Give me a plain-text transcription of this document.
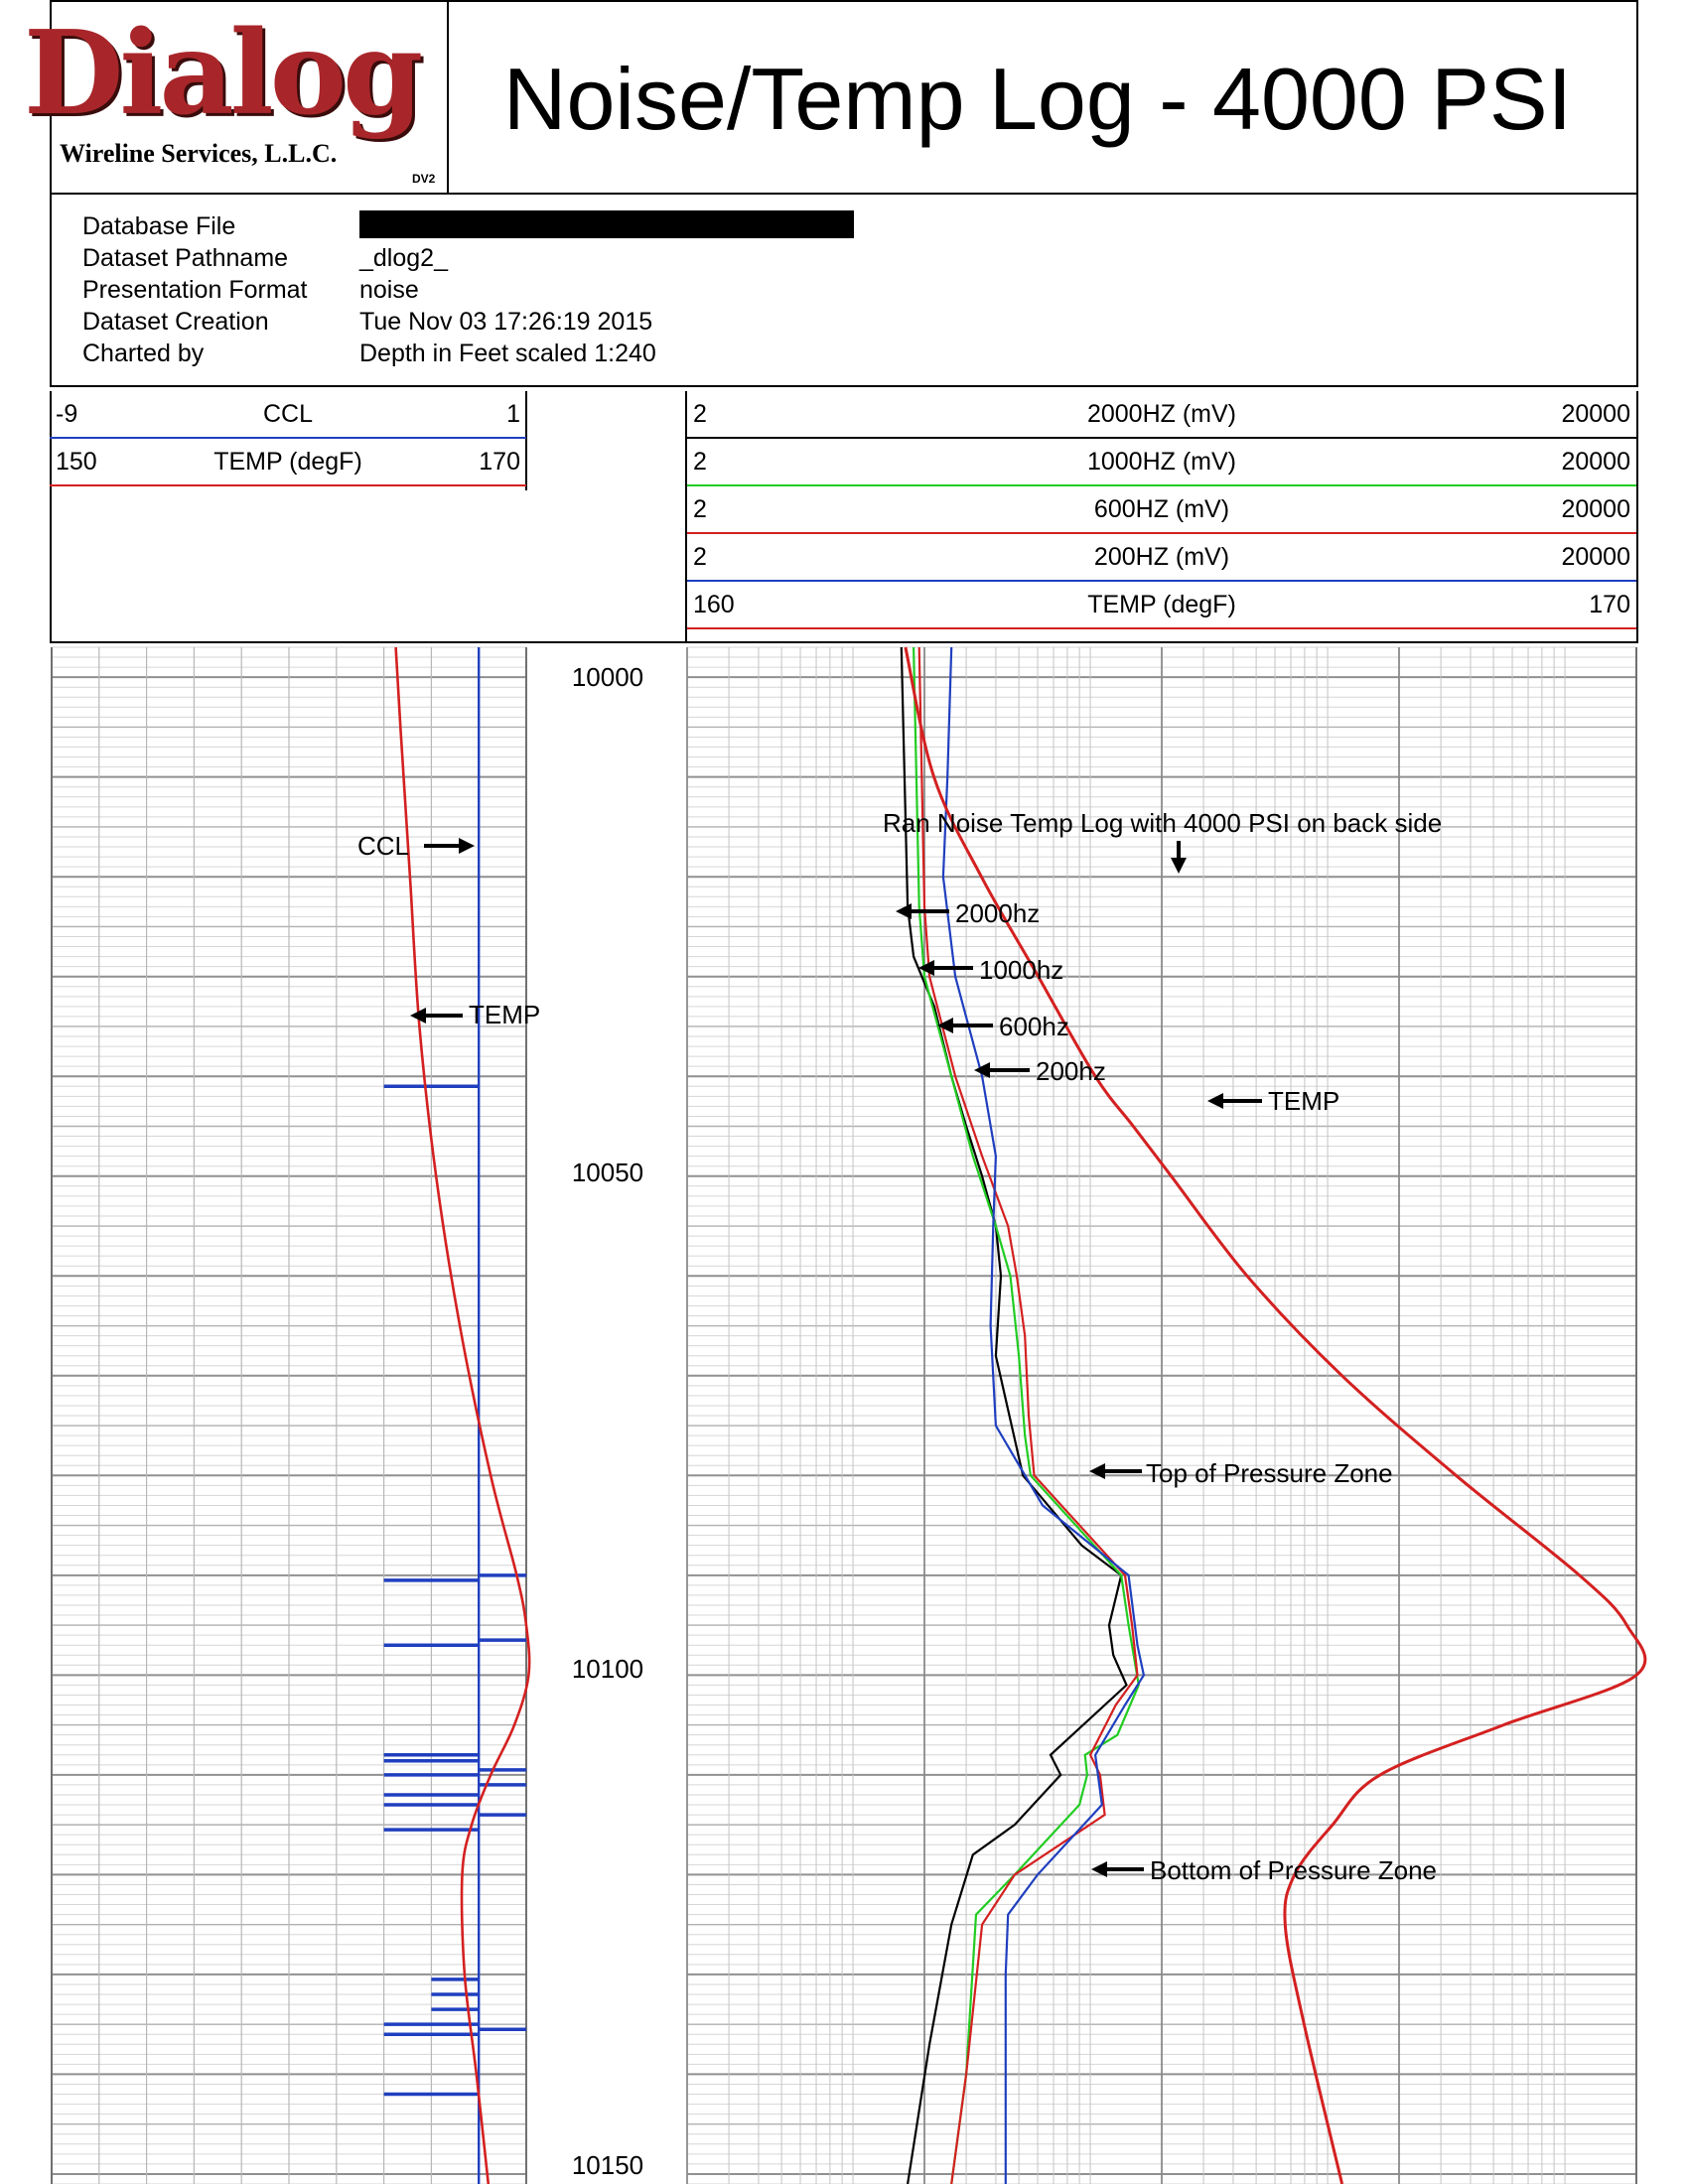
Dialog
Wireline Services, L.L.C.
DV2
Noise/Temp Log - 4000 PSI
Database File
Dataset Pathname	_dlog2_
Presentation Format noise
Dataset Creation	Tue Nov 03 17:26:19 2015
Charted by	Depth in Feet scaled 1:240
-9	CCL	1
150	TEMP (degF)	170
2	2000HZ (mV)	20000
2	1000HZ (mV)	20000
2	600HZ (mV)	20000
2	200HZ (mV)	20000
160	TEMP (degF)	170
10000
10050
10100
10150
CCL
TEMP
Ran Noise Temp Log with 4000 PSI on back side
2000hz
1000hz
600hz
200hz
TEMP
Top of Pressure Zone
Bottom of Pressure Zone
